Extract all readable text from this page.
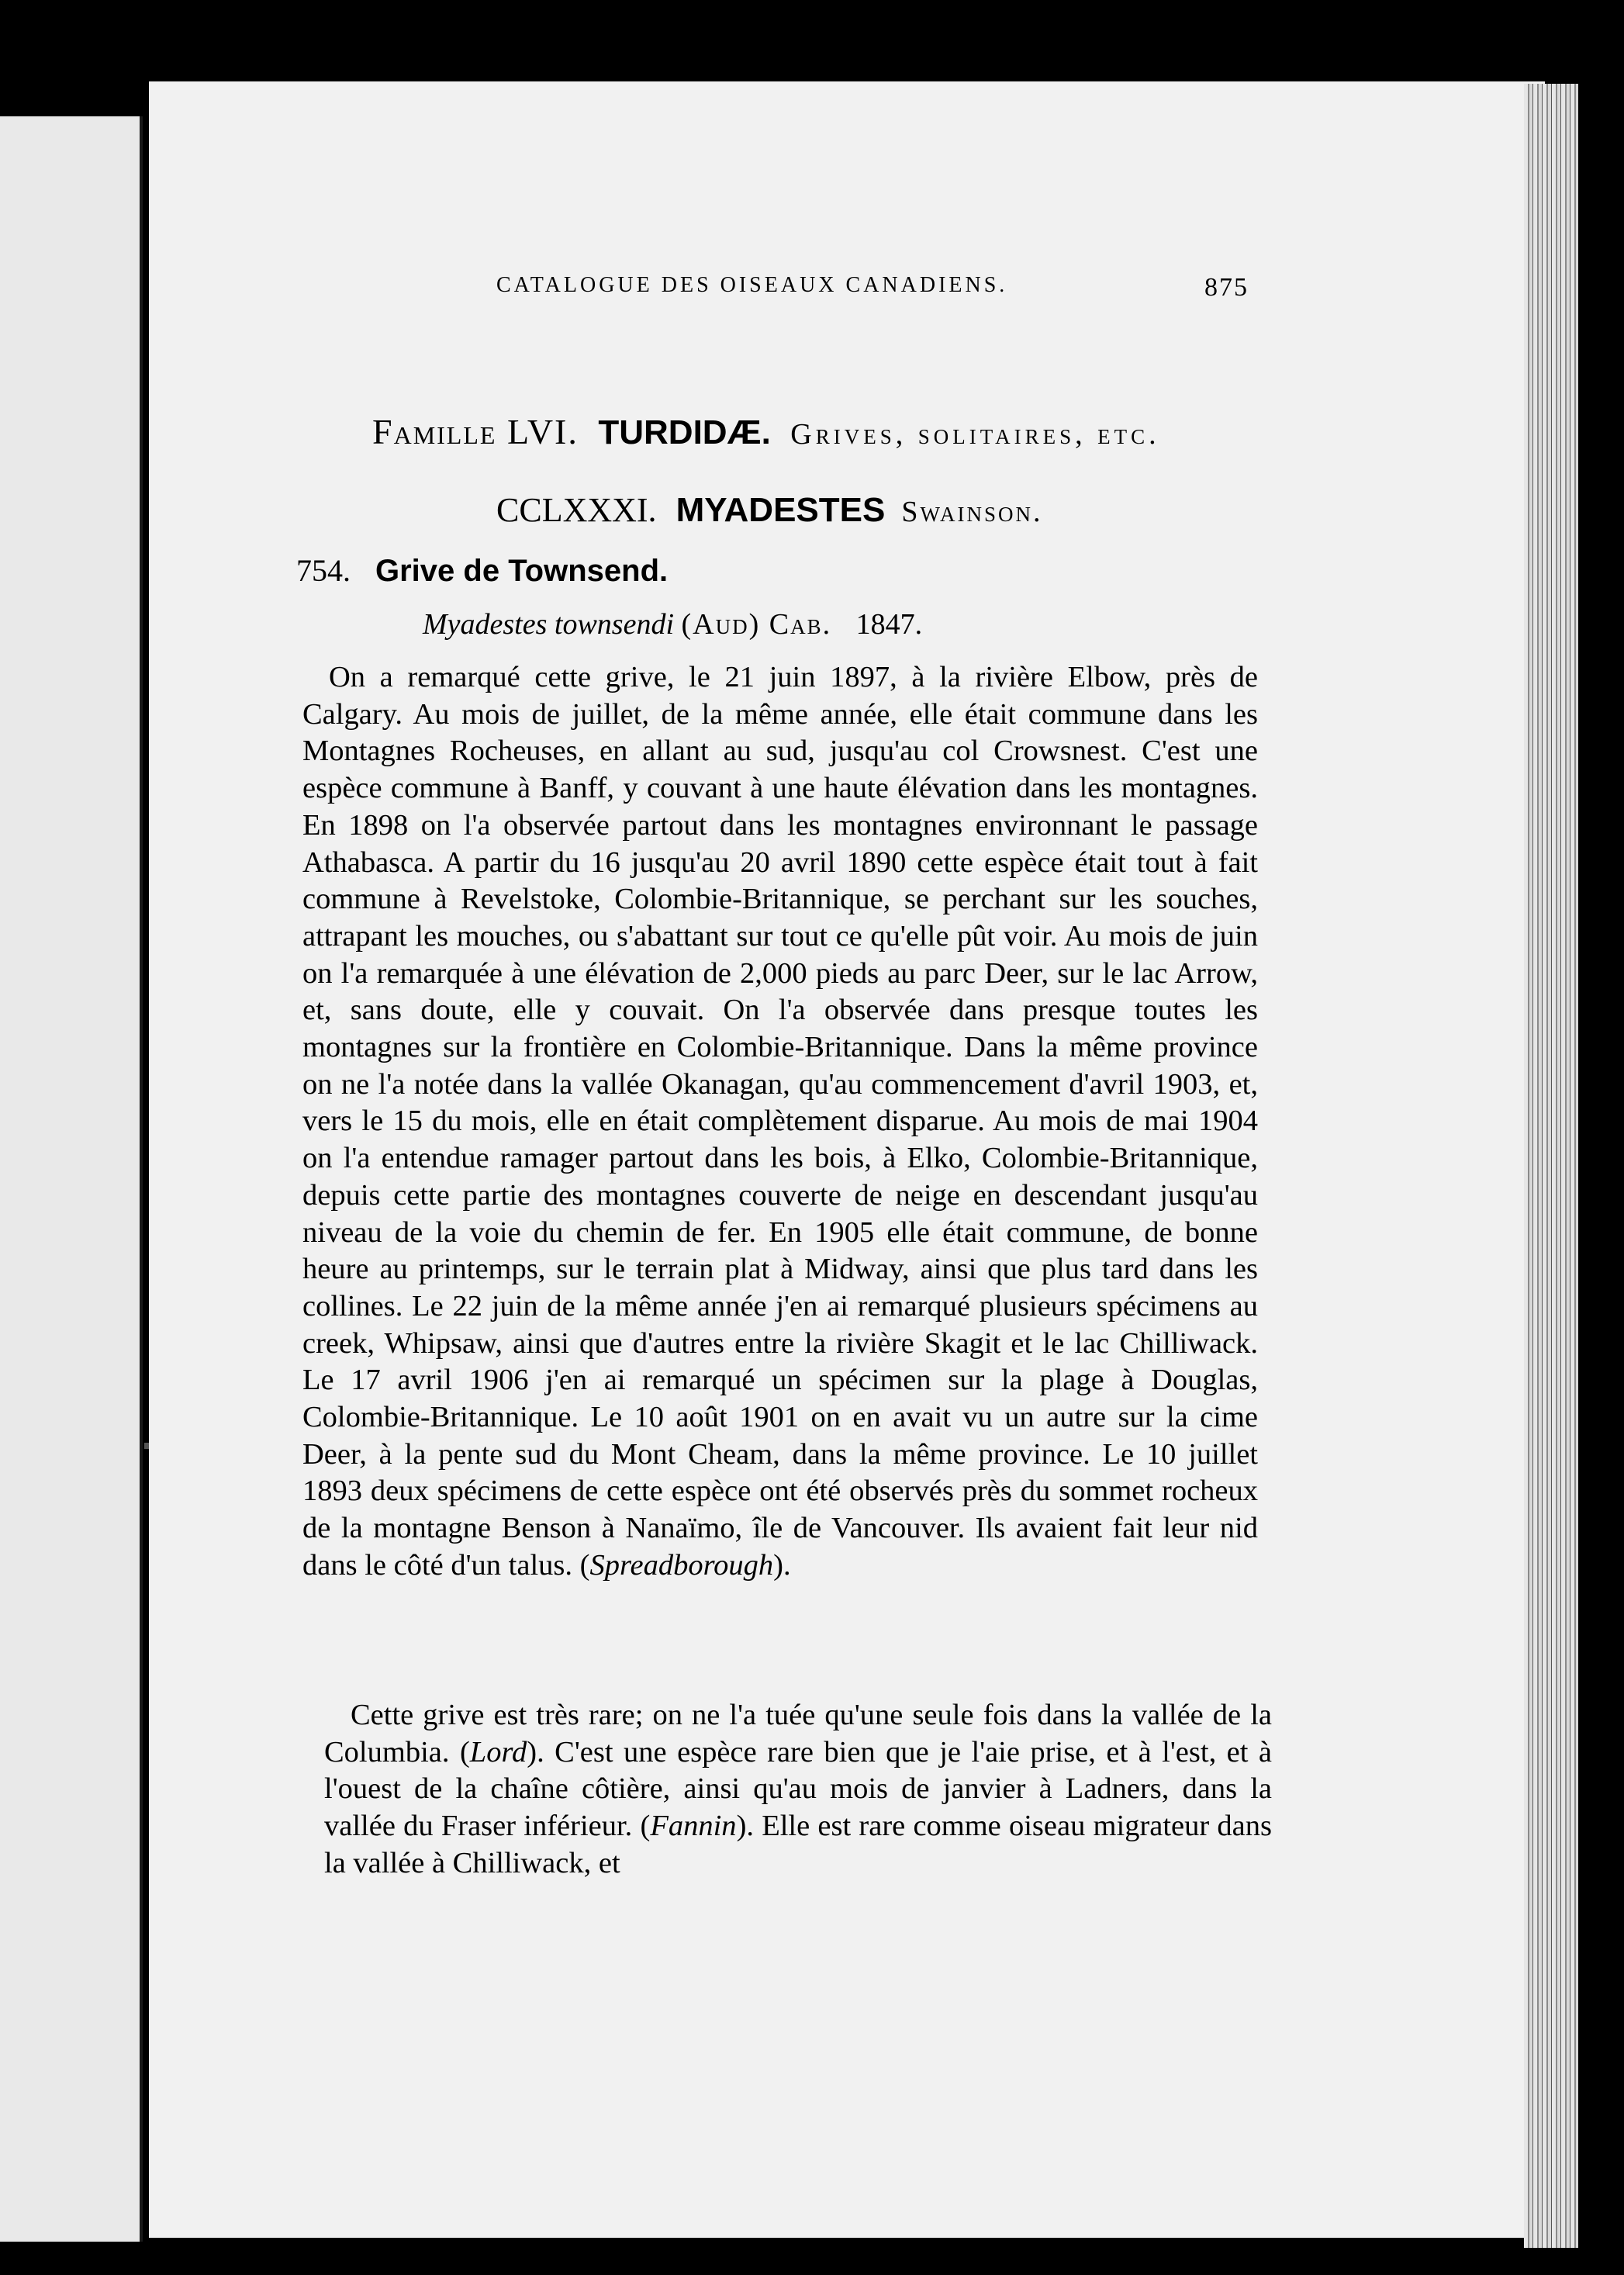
CATALOGUE DES OISEAUX CANADIENS.	875
Famille LVI. TURDIDÆ. Grives, solitaires, etc.
CCLXXXI. MYADESTES Swainson.
754. Grive de Townsend.
Myadestes townsendi (Aud) Cab. 1847.

On a remarqué cette grive, le 21 juin 1897, à la rivière Elbow, près de Calgary. Au mois de juillet, de la même année, elle était commune dans les Montagnes Rocheuses, en allant au sud, jusqu'au col Crowsnest. C'est une espèce commune à Banff, y couvant à une haute élévation dans les montagnes. En 1898 on l'a observée partout dans les montagnes environnant le passage Athabasca. A partir du 16 jusqu'au 20 avril 1890 cette espèce était tout à fait commune à Revelstoke, Colombie-Britannique, se perchant sur les souches, attrapant les mouches, ou s'abattant sur tout ce qu'elle pût voir. Au mois de juin on l'a remarquée à une élévation de 2,000 pieds au parc Deer, sur le lac Arrow, et, sans doute, elle y couvait. On l'a observée dans presque toutes les montagnes sur la frontière en Colombie-Britannique. Dans la même province on ne l'a notée dans la vallée Okanagan, qu'au commencement d'avril 1903, et, vers le 15 du mois, elle en était complètement disparue. Au mois de mai 1904 on l'a entendue ramager partout dans les bois, à Elko, Colombie-Britannique, depuis cette partie des montagnes couverte de neige en descendant jusqu'au niveau de la voie du chemin de fer. En 1905 elle était commune, de bonne heure au printemps, sur le terrain plat à Midway, ainsi que plus tard dans les collines. Le 22 juin de la même année j'en ai remarqué plusieurs spécimens au creek, Whipsaw, ainsi que d'autres entre la rivière Skagit et le lac Chilliwack. Le 17 avril 1906 j'en ai remarqué un spécimen sur la plage à Douglas, Colombie-Britannique. Le 10 août 1901 on en avait vu un autre sur la cime Deer, à la pente sud du Mont Cheam, dans la même province. Le 10 juillet 1893 deux spécimens de cette espèce ont été observés près du sommet rocheux de la montagne Benson à Nanaïmo, île de Vancouver. Ils avaient fait leur nid dans le côté d'un talus. (Spreadborough).

Cette grive est très rare; on ne l'a tuée qu'une seule fois dans la vallée de la Columbia. (Lord). C'est une espèce rare bien que je l'aie prise, et à l'est, et à l'ouest de la chaîne côtière, ainsi qu'au mois de janvier à Ladners, dans la vallée du Fraser inférieur. (Fannin). Elle est rare comme oiseau migrateur dans la vallée à Chilliwack, et
